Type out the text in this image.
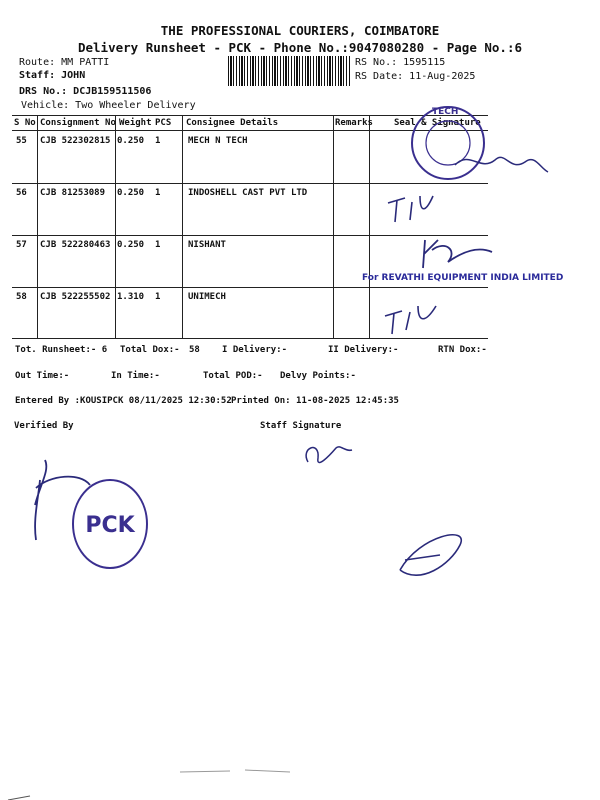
THE PROFESSIONAL COURIERS, COIMBATORE
Delivery Runsheet - PCK - Phone No.:9047080280 - Page No.:6
Route: MM PATTI
Staff: JOHN
DRS No.: DCJB159511506
Vehicle: Two Wheeler Delivery
RS No.: 1595115
RS Date: 11-Aug-2025
S No Consignment No Weight PCS Consignee Details	Remarks Seal & Signature
55 CJB 522302815 0.250 1	MECH N TECH
56 CJB 81253089 0.250 1	INDOSHELL CAST PVT LTD
57 CJB 522280463 0.250 1	NISHANT
58 CJB 522255502 1.310 1	UNIMECH
Tot. Runsheet:- 6 Total Dox:- 58 I Delivery:-	II Delivery:-	RTN Dox:-
Out Time:-	In Time:-	Total POD:- Delvy Points:-
Entered By :KOUSIPCK 08/11/2025 12:30:52 Printed On: 11-08-2025 12:45:35
Verified By	Staff Signature
TECH
For REVATHI EQUIPMENT INDIA LIMITED
PCK
